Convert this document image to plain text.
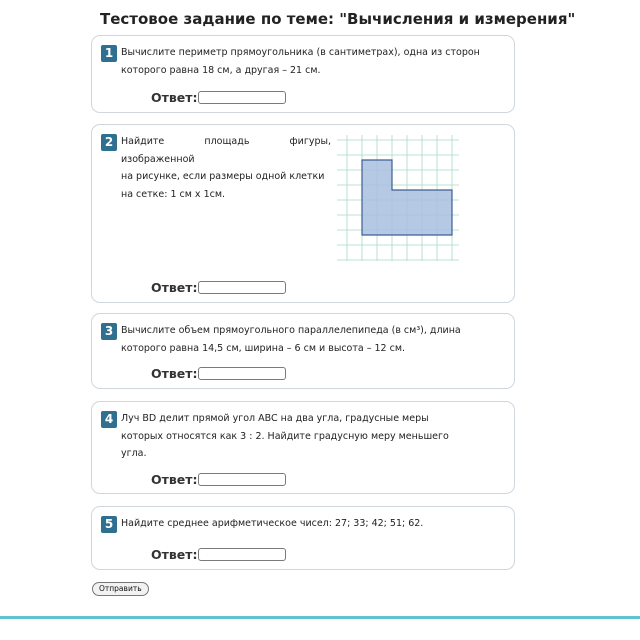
Тестовое задание по теме: "Вычисления и измерения"
1 Вычислите периметр прямоугольника (в сантиметрах), одна из сторон
которого равна 18 см, а другая – 21 см.
Ответ:
2 Найдите площадь фигуры, изображенной
на рисунке, если размеры одной клетки
на сетке: 1 см х 1см.
Ответ:
3 Вычислите объем прямоугольного параллелепипеда (в см³), длина
которого равна 14,5 см, ширина – 6 см и высота – 12 см.
Ответ:
4 Луч BD делит прямой угол ABC на два угла, градусные меры
которых относятся как 3 : 2. Найдите градусную меру меньшего
угла.
Ответ:
5 Найдите среднее арифметическое чисел: 27; 33; 42; 51; 62.
Ответ:
Отправить
